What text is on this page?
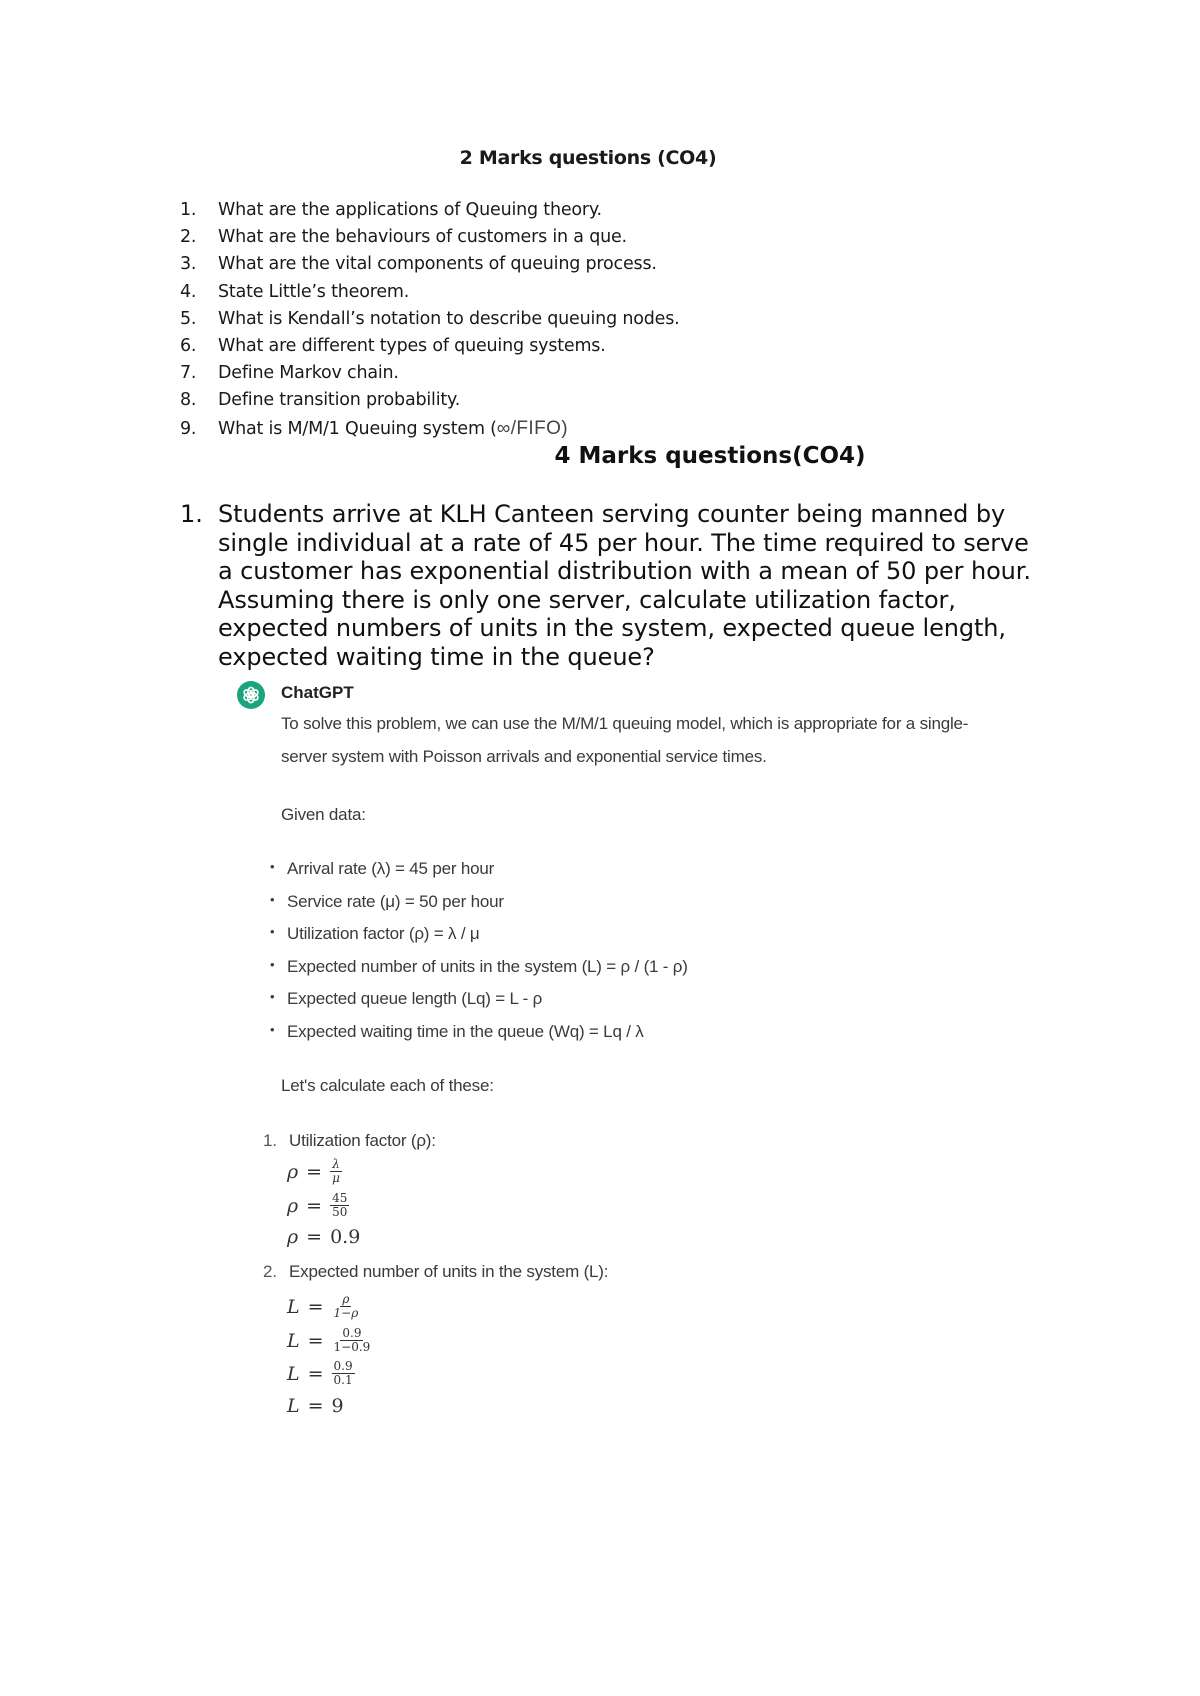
2 Marks questions (CO4)
1. What are the applications of Queuing theory.
2. What are the behaviours of customers in a que.
3. What are the vital components of queuing process.
4. State Little’s theorem.
5. What is Kendall’s notation to describe queuing nodes.
6. What are different types of queuing systems.
7. Define Markov chain.
8. Define transition probability.
9. What is M/M/1 Queuing system (∞/FIFO)
4 Marks questions(CO4)
1. Students arrive at KLH Canteen serving counter being manned by
single individual at a rate of 45 per hour. The time required to serve
a customer has exponential distribution with a mean of 50 per hour.
Assuming there is only one server, calculate utilization factor,
expected numbers of units in the system, expected queue length,
expected waiting time in the queue?
ChatGPT
To solve this problem, we can use the M/M/1 queuing model, which is appropriate for a single-
server system with Poisson arrivals and exponential service times.
Given data:
• Arrival rate (λ) = 45 per hour
• Service rate (μ) = 50 per hour
• Utilization factor (ρ) = λ / μ
• Expected number of units in the system (L) = ρ / (1 - ρ)
• Expected queue length (Lq) = L - ρ
• Expected waiting time in the queue (Wq) = Lq / λ
Let's calculate each of these:
1. Utilization factor (ρ):
$\rho = \frac{\lambda}{\mu}$
$\rho = \frac{45}{50}$
ρ = 0.9
2. Expected number of units in the system (L):
$L = \frac{\rho}{1-\rho}$
$L = \frac{0.9}{1-0.9}$
$L = \frac{0.9}{0.1}$
L = 9
